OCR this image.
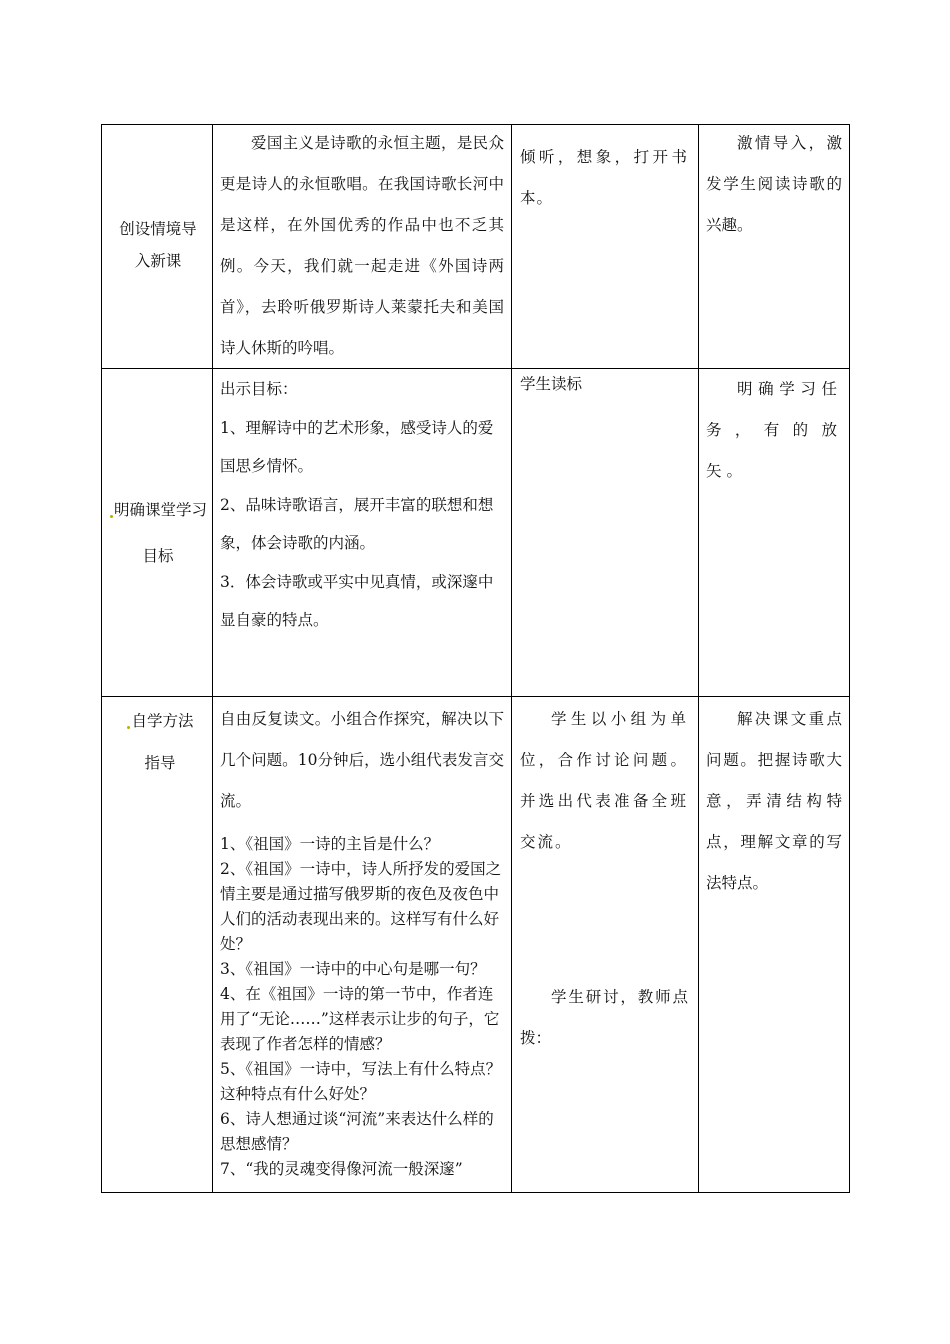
创设情境导入新课
爱国主义是诗歌的永恒主题，是民众更是诗人的永恒歌唱。在我国诗歌长河中是这样，在外国优秀的作品中也不乏其例。今天，我们就一起走进《外国诗两首》，去聆听俄罗斯诗人莱蒙托夫和美国诗人休斯的吟唱。
倾听，想象，打开书本。
激情导入，激发学生阅读诗歌的兴趣。
明确课堂学习目标

出示目标：

1、理解诗中的艺术形象，感受诗人的爱国思乡情怀。

2、品味诗歌语言，展开丰富的联想和想象，体会诗歌的内涵。

3．体会诗歌或平实中见真情，或深邃中显自豪的特点。

学生读标	明确学习任务，有的放矢。
自学方法指导

自由反复读文。小组合作探究，解决以下几个问题。10分钟后，选小组代表发言交流。

1、《祖国》一诗的主旨是什么？

2、《祖国》一诗中，诗人所抒发的爱国之情主要是通过描写俄罗斯的夜色及夜色中人们的活动表现出来的。这样写有什么好处？

3、《祖国》一诗中的中心句是哪一句？

4、在《祖国》一诗的第一节中，作者连用了“无论……”这样表示让步的句子，它表现了作者怎样的情感？

5、《祖国》一诗中，写法上有什么特点？这种特点有什么好处？

6、诗人想通过谈“河流”来表达什么样的思想感情？

7、“我的灵魂变得像河流一般深邃”

学生以小组为单位，合作讨论问题。并选出代表准备全班交流。
学生研讨，教师点拨：
解决课文重点问题。把握诗歌大意，弄清结构特点，理解文章的写法特点。
